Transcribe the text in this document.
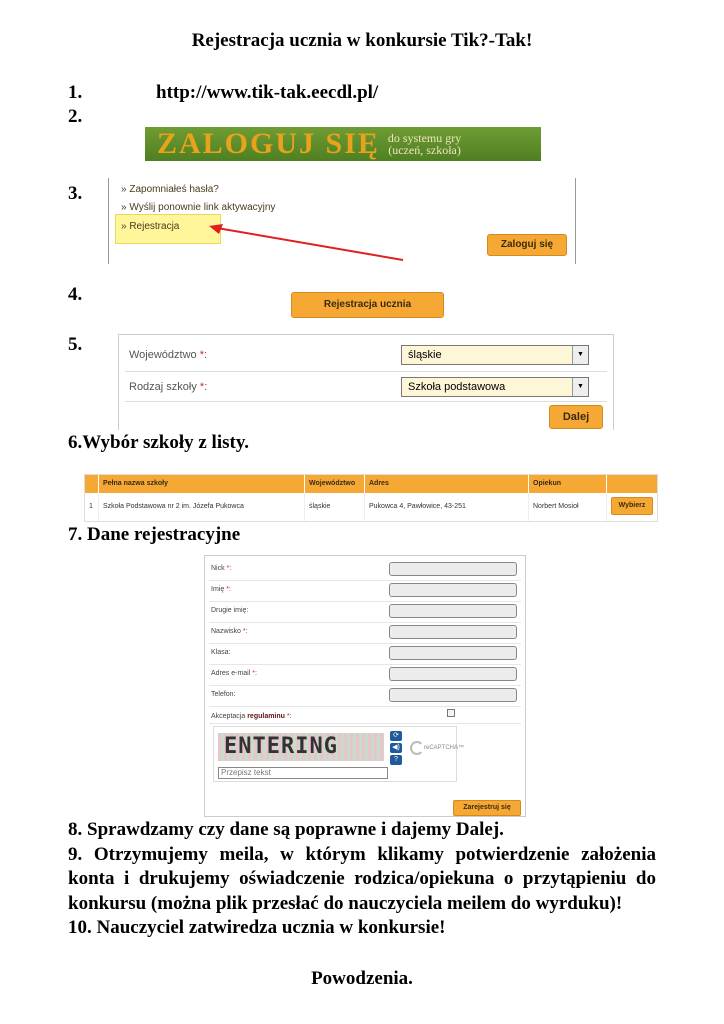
Rejestracja ucznia w konkursie Tik?-Tak!
1.	http://www.tik-tak.eecdl.pl/
2.
3.
4.
5.
ZALOGUJ SIĘ do systemu gry
(uczeń, szkoła)
» Zapomniałeś hasła?
» Wyślij ponownie link aktywacyjny
» Rejestracja
Zaloguj się
Rejestracja ucznia
Województwo *:	śląskie	▼
Rodzaj szkoły *:	Szkoła podstawowa	▼
Dalej
6.Wybór szkoły z listy.
Pełna nazwa szkoły	Województwo	Adres	Opiekun
1	Szkoła Podstawowa nr 2 im. Józefa Pukowca	śląskie	Pukowca 4, Pawłowice, 43-251	Norbert Mosioł	Wybierz
7. Dane rejestracyjne
Nick *:
Imię *:
Drugie imię:
Nazwisko *:
Klasa:
Adres e-mail *:
Telefon:
Akceptacja regulaminu *:
ENTERING	⟳
◀)
?
reCAPTCHA™
Przepisz tekst
Zarejestruj się

8. Sprawdzamy czy dane są poprawne i dajemy Dalej.

9. Otrzymujemy meila, w którym klikamy potwierdzenie założenia konta i drukujemy oświadczenie rodzica/opiekuna o przytąpieniu do konkursu (można plik przesłać do nauczyciela meilem do wyrduku)!

10. Nauczyciel zatwiredza ucznia w konkursie!

Powodzenia.
